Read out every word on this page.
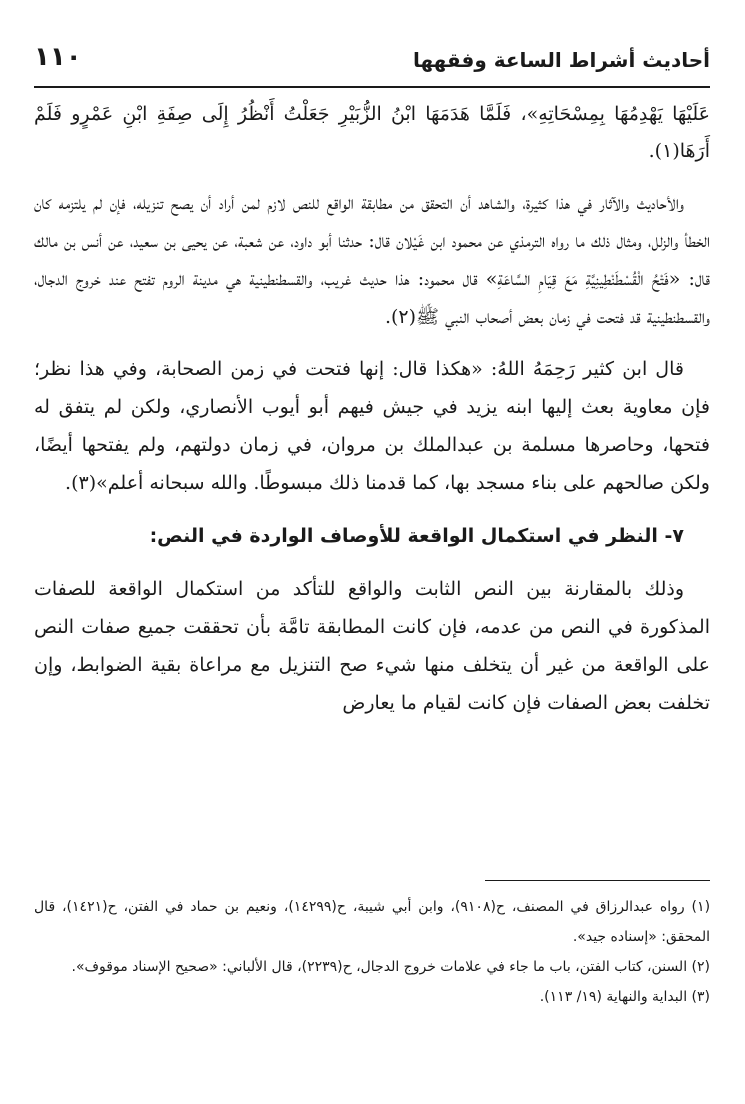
أحاديث أشراط الساعة وفقهها
١١٠

عَلَيْهَا يَهْدِمُهَا بِمِسْحَاتِهِ»، فَلَمَّا هَدَمَهَا ابْنُ الزُّبَيْرِ جَعَلْتُ أَنْظُرُ إِلَى صِفَةِ ابْنِ عَمْرٍو فَلَمْ أَرَهَا(١).

والأحاديث والآثار في هذا كثيرة، والشاهد أن التحقق من مطابقة الواقع للنص لازم لمن أراد أن يصح تنزيله، فإن لم يلتزمه كان الخطأ والزلل، ومثال ذلك ما رواه الترمذي عن محمود ابن غَيْلان قال: حدثنا أبو داود، عن شعبة، عن يحيى بن سعيد، عن أنس بن مالك قال: «فَتْحُ الْقُسْطَنْطِينِيَّةِ مَعَ قِيَامِ السَّاعَةِ» قال محمود: هذا حديث غريب، والقسطنطينية هي مدينة الروم تفتح عند خروج الدجال، والقسطنطينية قد فتحت في زمان بعض أصحاب النبي ﷺ(٢).

قال ابن كثير رَحِمَهُ اللهُ: «هكذا قال: إنها فتحت في زمن الصحابة، وفي هذا نظر؛ فإن معاوية بعث إليها ابنه يزيد في جيش فيهم أبو أيوب الأنصاري، ولكن لم يتفق له فتحها، وحاصرها مسلمة بن عبدالملك بن مروان، في زمان دولتهم، ولم يفتحها أيضًا، ولكن صالحهم على بناء مسجد بها، كما قدمنا ذلك مبسوطًا. والله سبحانه أعلم»(٣).

٧- النظر في استكمال الواقعة للأوصاف الواردة في النص:

وذلك بالمقارنة بين النص الثابت والواقع للتأكد من استكمال الواقعة للصفات المذكورة في النص من عدمه، فإن كانت المطابقة تامَّة بأن تحققت جميع صفات النص على الواقعة من غير أن يتخلف منها شيء صح التنزيل مع مراعاة بقية الضوابط، وإن تخلفت بعض الصفات فإن كانت لقيام ما يعارض

(١) رواه عبدالرزاق في المصنف، ح(٩١٠٨)، وابن أبي شيبة، ح(١٤٢٩٩)، ونعيم بن حماد في الفتن، ح(١٤٢١)، قال المحقق: «إسناده جيد».

(٢) السنن، كتاب الفتن، باب ما جاء في علامات خروج الدجال، ح(٢٢٣٩)، قال الألباني: «صحيح الإسناد موقوف».

(٣) البداية والنهاية (١٩/ ١١٣).
